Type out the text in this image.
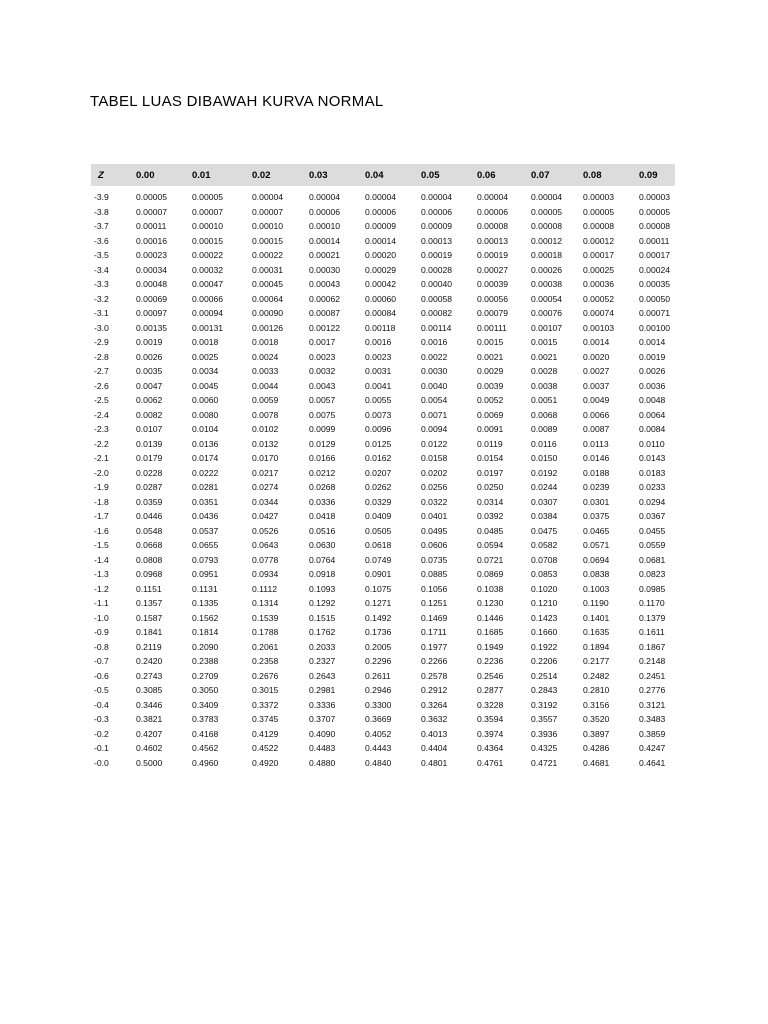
TABEL LUAS DIBAWAH KURVA NORMAL
Z	0.00	0.01	0.02	0.03	0.04	0.05	0.06	0.07	0.08	0.09
-3.9	0.00005	0.00005	0.00004	0.00004	0.00004	0.00004	0.00004	0.00004	0.00003	0.00003
-3.8	0.00007	0.00007	0.00007	0.00006	0.00006	0.00006	0.00006	0.00005	0.00005	0.00005
-3.7	0.00011	0.00010	0.00010	0.00010	0.00009	0.00009	0.00008	0.00008	0.00008	0.00008
-3.6	0.00016	0.00015	0.00015	0.00014	0.00014	0.00013	0.00013	0.00012	0.00012	0.00011
-3.5	0.00023	0.00022	0.00022	0.00021	0.00020	0.00019	0.00019	0.00018	0.00017	0.00017
-3.4	0.00034	0.00032	0.00031	0.00030	0.00029	0.00028	0.00027	0.00026	0.00025	0.00024
-3.3	0.00048	0.00047	0.00045	0.00043	0.00042	0.00040	0.00039	0.00038	0.00036	0.00035
-3.2	0.00069	0.00066	0.00064	0.00062	0.00060	0.00058	0.00056	0.00054	0.00052	0.00050
-3.1	0.00097	0.00094	0.00090	0.00087	0.00084	0.00082	0.00079	0.00076	0.00074	0.00071
-3.0	0.00135	0.00131	0.00126	0.00122	0.00118	0.00114	0.00111	0.00107	0.00103	0.00100
-2.9	0.0019	0.0018	0.0018	0.0017	0.0016	0.0016	0.0015	0.0015	0.0014	0.0014
-2.8	0.0026	0.0025	0.0024	0.0023	0.0023	0.0022	0.0021	0.0021	0.0020	0.0019
-2.7	0.0035	0.0034	0.0033	0.0032	0.0031	0.0030	0.0029	0.0028	0.0027	0.0026
-2.6	0.0047	0.0045	0.0044	0.0043	0.0041	0.0040	0.0039	0.0038	0.0037	0.0036
-2.5	0.0062	0.0060	0.0059	0.0057	0.0055	0.0054	0.0052	0.0051	0.0049	0.0048
-2.4	0.0082	0.0080	0.0078	0.0075	0.0073	0.0071	0.0069	0.0068	0.0066	0.0064
-2.3	0.0107	0.0104	0.0102	0.0099	0.0096	0.0094	0.0091	0.0089	0.0087	0.0084
-2.2	0.0139	0.0136	0.0132	0.0129	0.0125	0.0122	0.0119	0.0116	0.0113	0.0110
-2.1	0.0179	0.0174	0.0170	0.0166	0.0162	0.0158	0.0154	0.0150	0.0146	0.0143
-2.0	0.0228	0.0222	0.0217	0.0212	0.0207	0.0202	0.0197	0.0192	0.0188	0.0183
-1.9	0.0287	0.0281	0.0274	0.0268	0.0262	0.0256	0.0250	0.0244	0.0239	0.0233
-1.8	0.0359	0.0351	0.0344	0.0336	0.0329	0.0322	0.0314	0.0307	0.0301	0.0294
-1.7	0.0446	0.0436	0.0427	0.0418	0.0409	0.0401	0.0392	0.0384	0.0375	0.0367
-1.6	0.0548	0.0537	0.0526	0.0516	0.0505	0.0495	0.0485	0.0475	0.0465	0.0455
-1.5	0.0668	0.0655	0.0643	0.0630	0.0618	0.0606	0.0594	0.0582	0.0571	0.0559
-1.4	0.0808	0.0793	0.0778	0.0764	0.0749	0.0735	0.0721	0.0708	0.0694	0.0681
-1.3	0.0968	0.0951	0.0934	0.0918	0.0901	0.0885	0.0869	0.0853	0.0838	0.0823
-1.2	0.1151	0.1131	0.1112	0.1093	0.1075	0.1056	0.1038	0.1020	0.1003	0.0985
-1.1	0.1357	0.1335	0.1314	0.1292	0.1271	0.1251	0.1230	0.1210	0.1190	0.1170
-1.0	0.1587	0.1562	0.1539	0.1515	0.1492	0.1469	0.1446	0.1423	0.1401	0.1379
-0.9	0.1841	0.1814	0.1788	0.1762	0.1736	0.1711	0.1685	0.1660	0.1635	0.1611
-0.8	0.2119	0.2090	0.2061	0.2033	0.2005	0.1977	0.1949	0.1922	0.1894	0.1867
-0.7	0.2420	0.2388	0.2358	0.2327	0.2296	0.2266	0.2236	0.2206	0.2177	0.2148
-0.6	0.2743	0.2709	0.2676	0.2643	0.2611	0.2578	0.2546	0.2514	0.2482	0.2451
-0.5	0.3085	0.3050	0.3015	0.2981	0.2946	0.2912	0.2877	0.2843	0.2810	0.2776
-0.4	0.3446	0.3409	0.3372	0.3336	0.3300	0.3264	0.3228	0.3192	0.3156	0.3121
-0.3	0.3821	0.3783	0.3745	0.3707	0.3669	0.3632	0.3594	0.3557	0.3520	0.3483
-0.2	0.4207	0.4168	0.4129	0.4090	0.4052	0.4013	0.3974	0.3936	0.3897	0.3859
-0.1	0.4602	0.4562	0.4522	0.4483	0.4443	0.4404	0.4364	0.4325	0.4286	0.4247
-0.0	0.5000	0.4960	0.4920	0.4880	0.4840	0.4801	0.4761	0.4721	0.4681	0.4641
